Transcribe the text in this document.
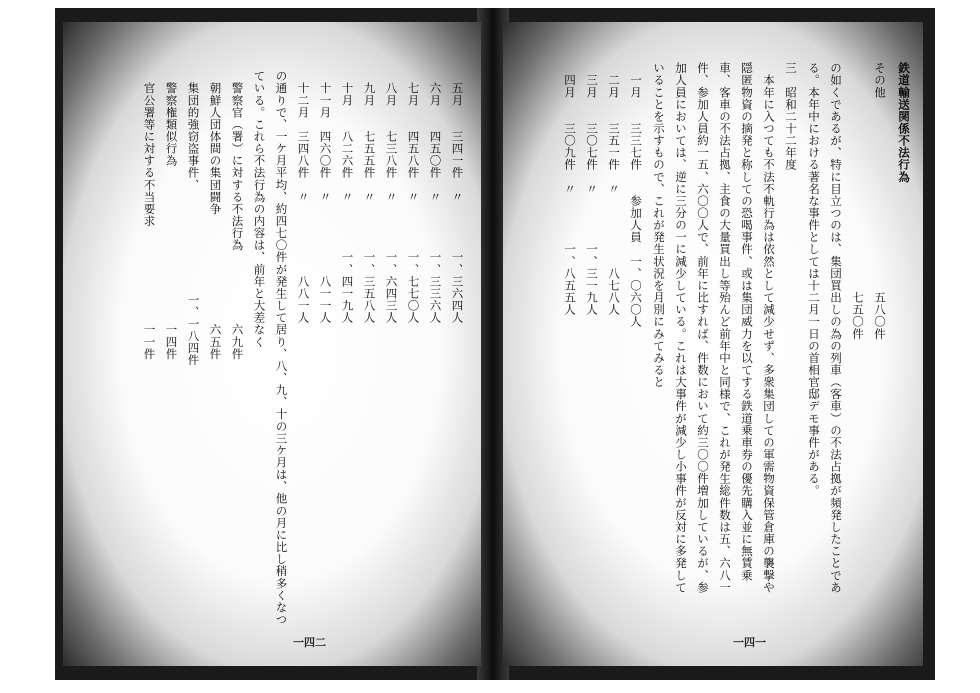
鉄道輸送関係不法行為
その他　　　　　　　　　　　　　　　　五八〇件
　　　　　　　　　　　　　　　　　　　七五〇件
の如くであるが、特に目立つのは、集団買出しの為の列車（客車）の不法占拠が頻発したことであ
る。本年中における著名な事件としては十二月一日の首相官邸デモ事件がある。
三　昭和二十二年度
　本年に入つても不法不軌行為は依然として減少せず、多衆集団しての軍需物資保管倉庫の襲撃や
隠匿物資の摘発と称しての恐喝事件、或は集団威力を以てする鉄道乗車券の優先購入並に無賃乗
車、客車の不法占拠、主食の大量買出し等殆んど前年中と同様で、これが発生総件数は五、六八一
件、参加人員約一五、六〇〇人で、前年に比すれば、件数において約三〇〇件増加しているが、参
加人員においては、逆に三分の一に減少している。これは大事件が減少し小事件が反対に多発して
いることを示すもので、これが発生状況を月別にみてみると
　一月　　三三七件　　参加人員　一、〇六〇人
　二月　　三五一件　〃　　　　　　八七八人
　三月　　三〇七件　〃　　　　一、三一九人
　四月　　三〇九件　〃　　　　一、八五五人
一四一
　五月　　三四一件　〃　　　　一、三六四人
　六月　　四五〇件　〃　　　　一、三三六人
　七月　　四五八件　〃　　　　一、七七〇人
　八月　　七三八件　〃　　　　一、六四三人
　九月　　七五五件　〃　　　　一、三五八人
　十月　　八二六件　〃　　　　一、四一九人
　十一月　四六〇件　〃　　　　　　八一一人
　十二月　三四八件　〃　　　　　　八八一人
の通りで、一ケ月平均、約四七〇件が発生して居り、八、九、十の三ケ月は、他の月に比し稍多くなつ
ている。これら不法行為の内容は、前年と大差なく
　警察官（署）に対する不法行為　　　　　　六九件
　朝鮮人団体間の集団闘争　　　　　　　　　六五件
　集団的強窃盗事件、　　　　　　　　　一、一八四件
　警察権類似行為　　　　　　　　　　　　　一四件
　官公署等に対する不当要求　　　　　　　　一一件
一四二
